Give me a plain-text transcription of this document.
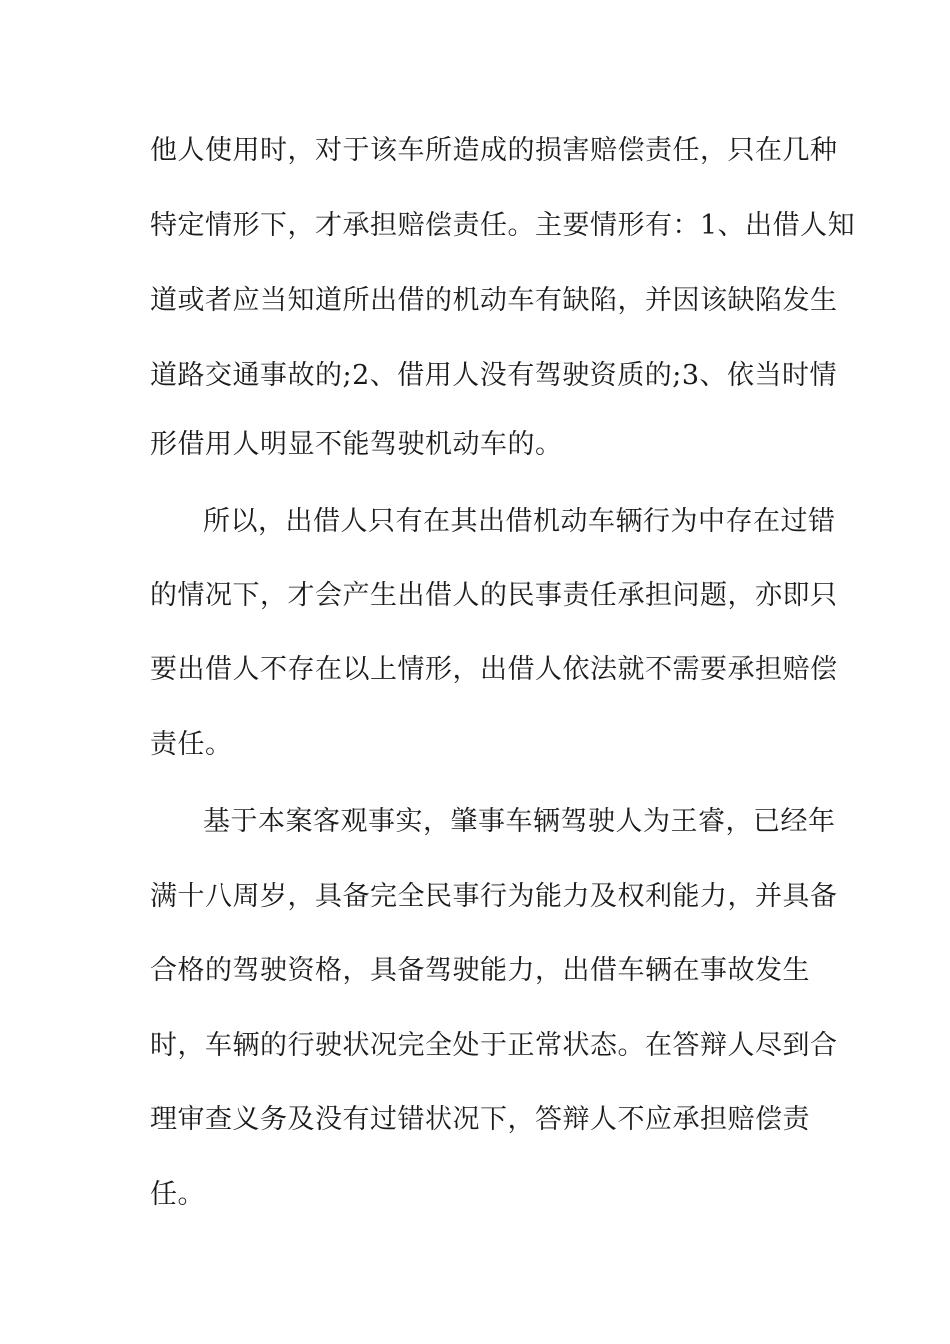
他人使用时，对于该车所造成的损害赔偿责任，只在几种
特定情形下，才承担赔偿责任。主要情形有：1、出借人知
道或者应当知道所出借的机动车有缺陷，并因该缺陷发生
道路交通事故的;2、借用人没有驾驶资质的;3、依当时情
形借用人明显不能驾驶机动车的。
所以，出借人只有在其出借机动车辆行为中存在过错
的情况下，才会产生出借人的民事责任承担问题，亦即只
要出借人不存在以上情形，出借人依法就不需要承担赔偿
责任。
基于本案客观事实，肇事车辆驾驶人为王睿，已经年
满十八周岁，具备完全民事行为能力及权利能力，并具备
合格的驾驶资格，具备驾驶能力，出借车辆在事故发生
时，车辆的行驶状况完全处于正常状态。在答辩人尽到合
理审查义务及没有过错状况下，答辩人不应承担赔偿责
任。
